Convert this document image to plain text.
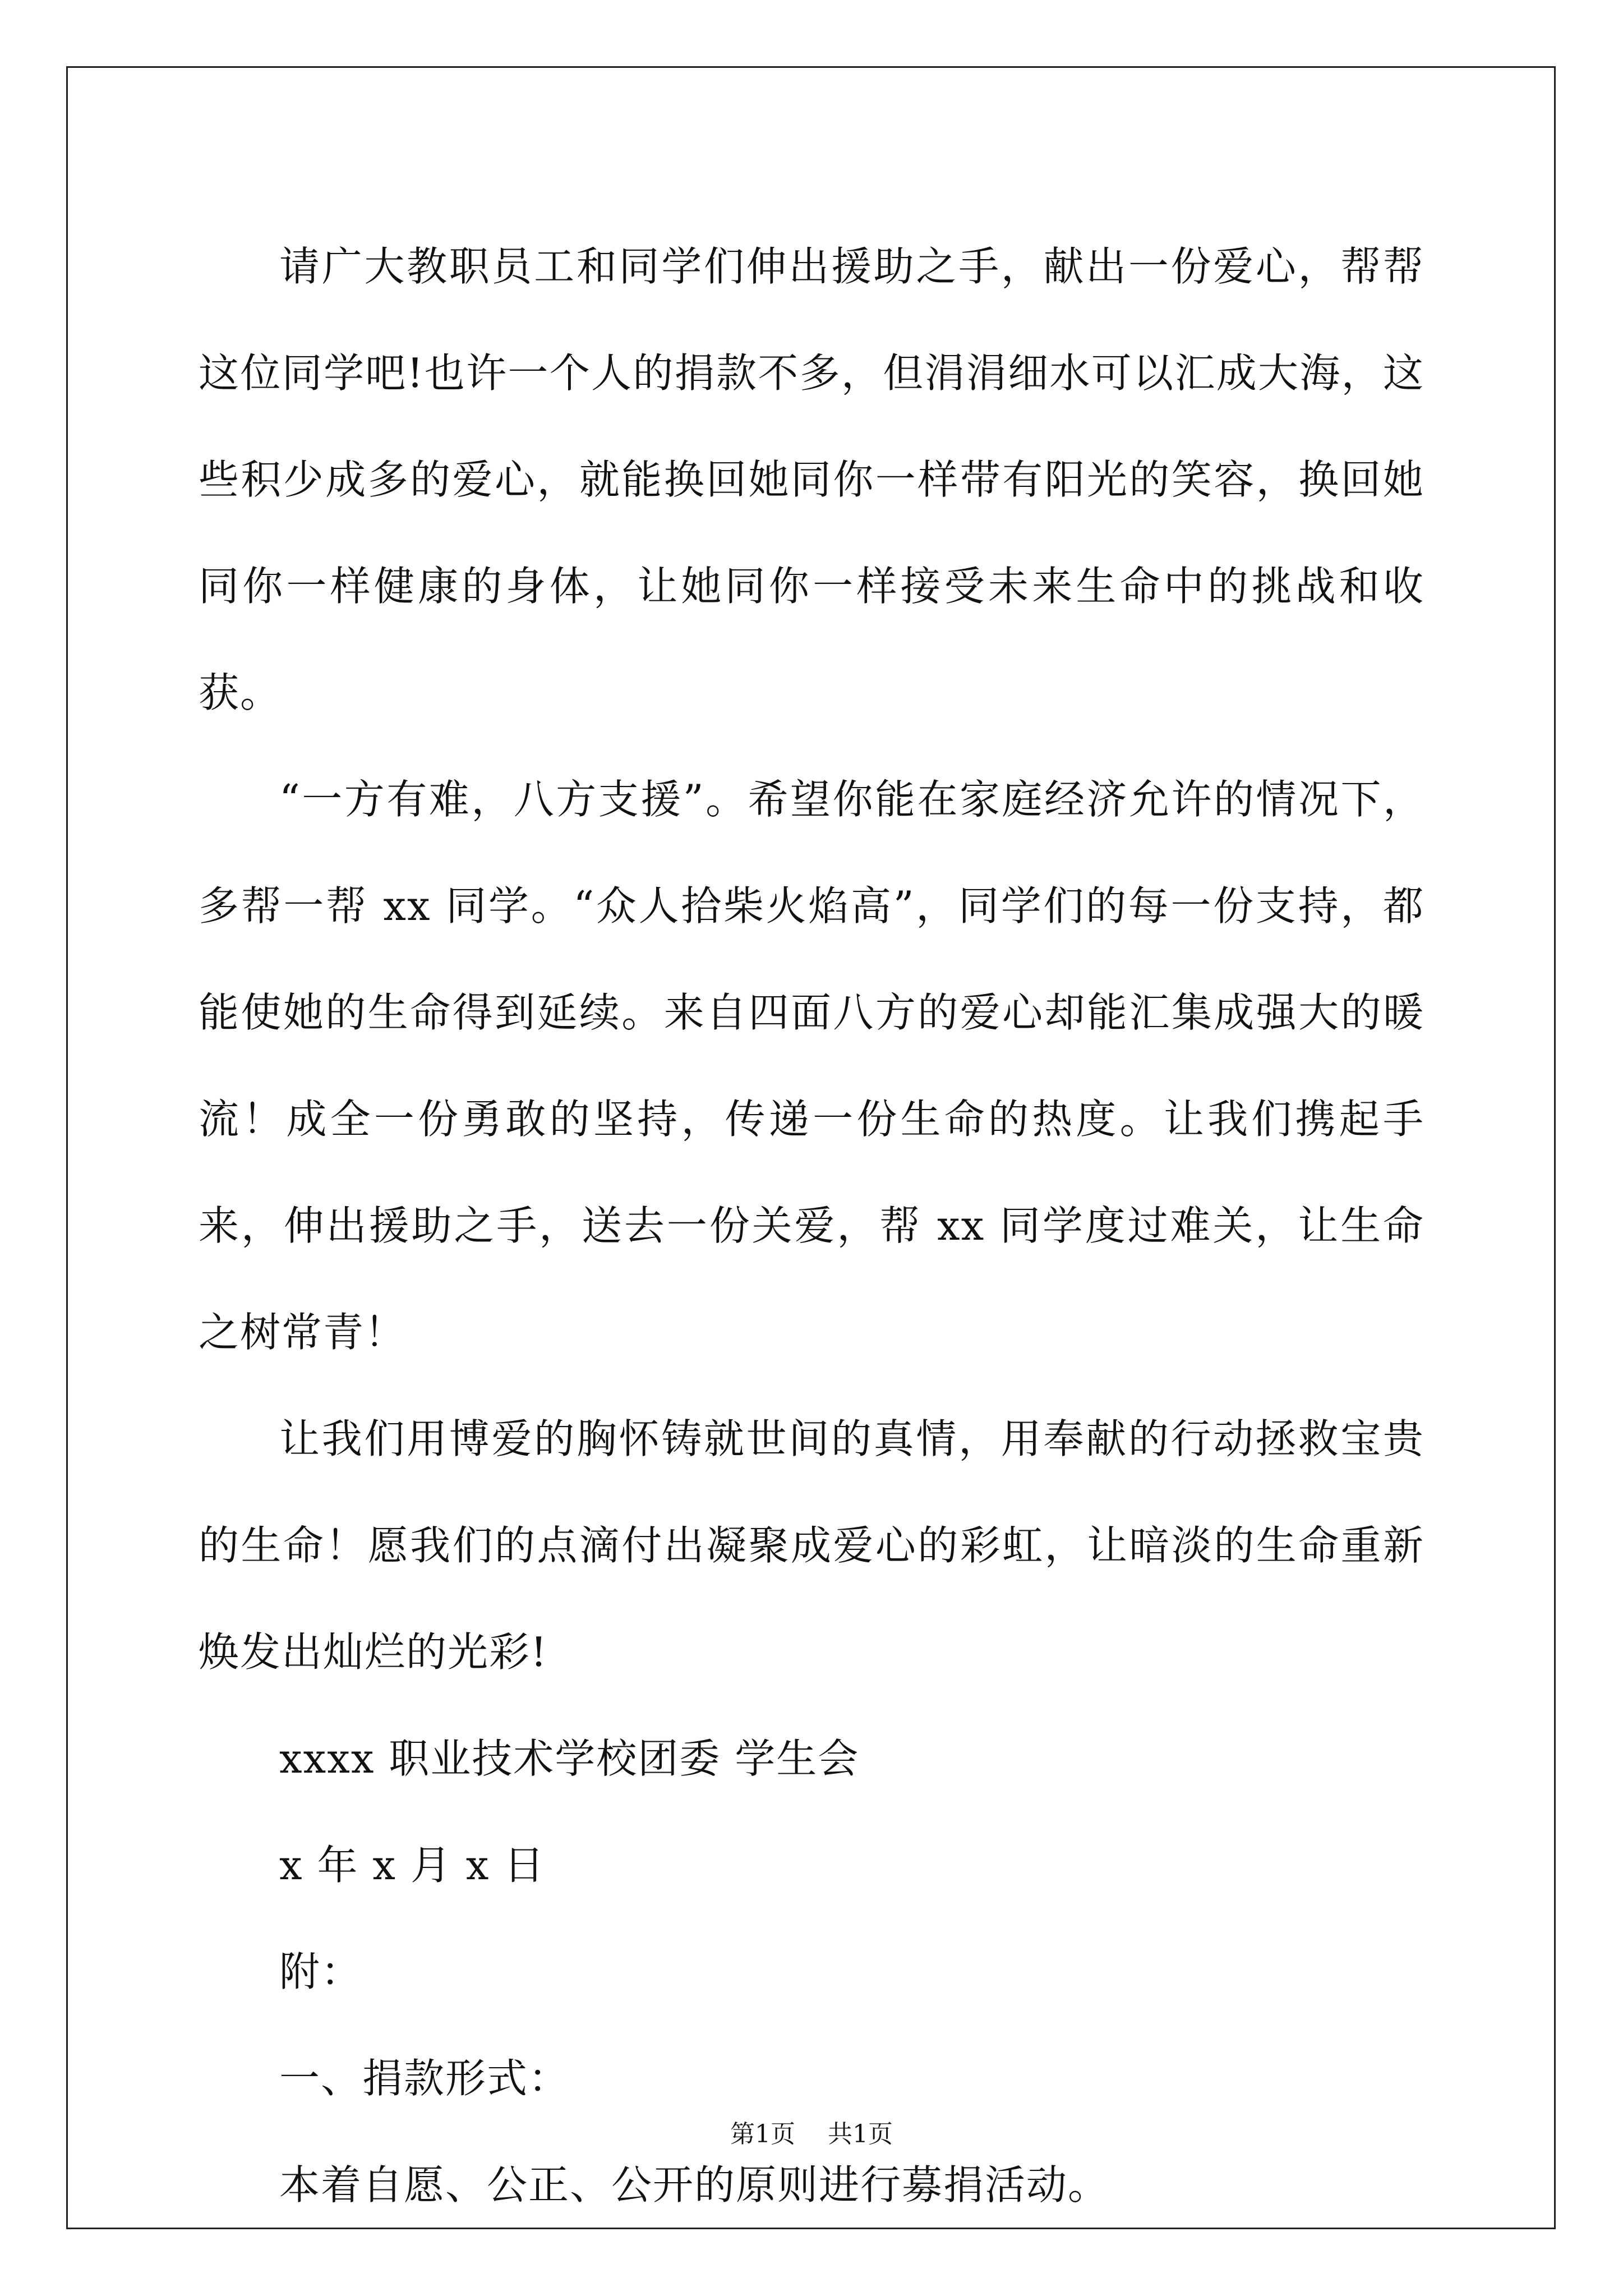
请广大教职员工和同学们伸出援助之手，献出一份爱心，帮帮这位同学吧!也许一个人的捐款不多，但涓涓细水可以汇成大海，这些积少成多的爱心，就能换回她同你一样带有阳光的笑容，换回她同你一样健康的身体，让她同你一样接受未来生命中的挑战和收获。

“一方有难，八方支援”。希望你能在家庭经济允许的情况下，多帮一帮 xx 同学。“众人拾柴火焰高”，同学们的每一份支持，都能使她的生命得到延续。来自四面八方的爱心却能汇集成强大的暖流！成全一份勇敢的坚持，传递一份生命的热度。让我们携起手来，伸出援助之手，送去一份关爱，帮 xx 同学度过难关，让生命之树常青！

让我们用博爱的胸怀铸就世间的真情，用奉献的行动拯救宝贵的生命！愿我们的点滴付出凝聚成爱心的彩虹，让暗淡的生命重新焕发出灿烂的光彩!

xxxx 职业技术学校团委 学生会

x 年 x 月 x 日

附：

一、捐款形式：

本着自愿、公正、公开的原则进行募捐活动。

第1页 共1页
